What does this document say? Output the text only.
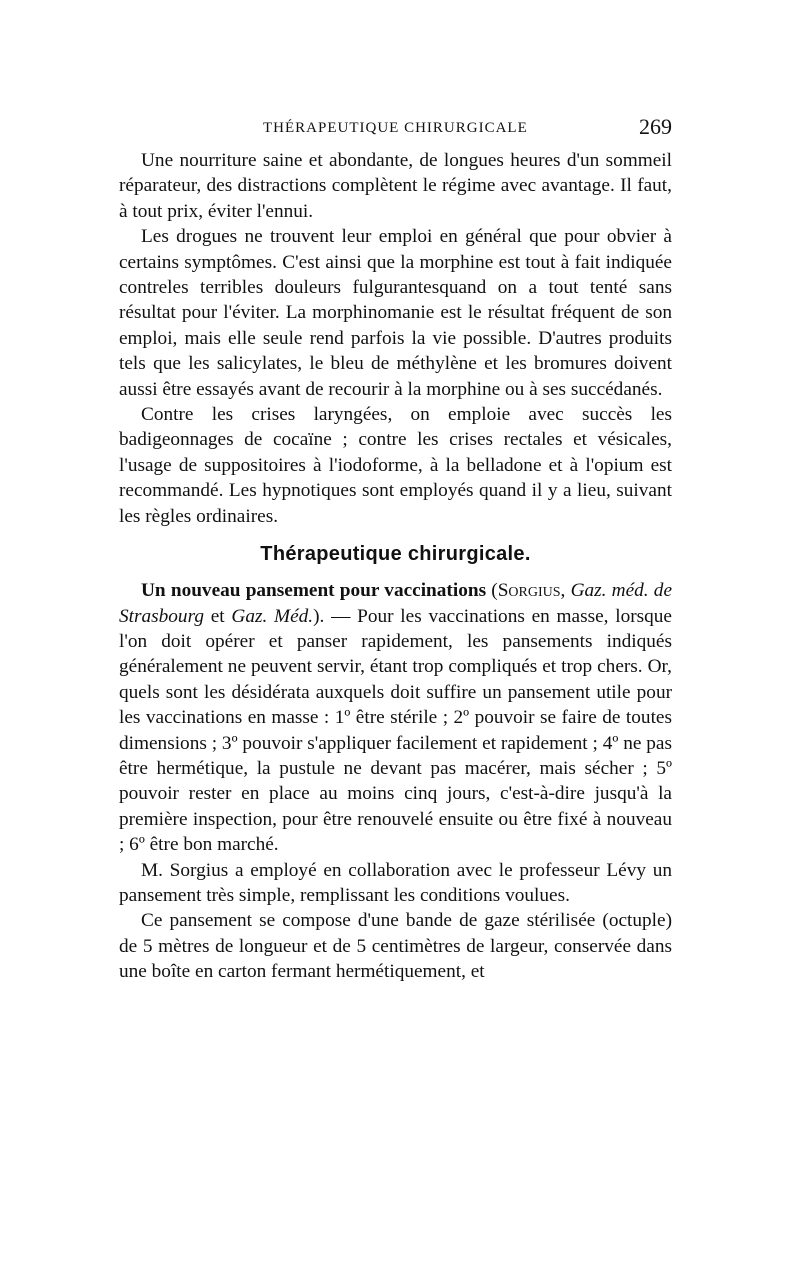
THÉRAPEUTIQUE CHIRURGICALE	269

Une nourriture saine et abondante, de longues heures d'un sommeil réparateur, des distractions complètent le régime avec avantage. Il faut, à tout prix, éviter l'ennui.

Les drogues ne trouvent leur emploi en général que pour obvier à certains symptômes. C'est ainsi que la morphine est tout à fait indiquée contreles terribles douleurs fulgurantesquand on a tout tenté sans résultat pour l'éviter. La morphinomanie est le résultat fréquent de son emploi, mais elle seule rend parfois la vie possible. D'autres produits tels que les salicylates, le bleu de méthylène et les bromures doivent aussi être essayés avant de recourir à la morphine ou à ses succédanés.

Contre les crises laryngées, on emploie avec succès les badigeonnages de cocaïne ; contre les crises rectales et vésicales, l'usage de suppositoires à l'iodoforme, à la belladone et à l'opium est recommandé. Les hypnotiques sont employés quand il y a lieu, suivant les règles ordinaires.

Thérapeutique chirurgicale.

Un nouveau pansement pour vaccinations (Sorgius, Gaz. méd. de Strasbourg et Gaz. Méd.). — Pour les vaccinations en masse, lorsque l'on doit opérer et panser rapidement, les pansements indiqués généralement ne peuvent servir, étant trop compliqués et trop chers. Or, quels sont les désidérata auxquels doit suffire un pansement utile pour les vaccinations en masse : 1º être stérile ; 2º pouvoir se faire de toutes dimensions ; 3º pouvoir s'appliquer facilement et rapidement ; 4º ne pas être hermétique, la pustule ne devant pas macérer, mais sécher ; 5º pouvoir rester en place au moins cinq jours, c'est-à-dire jusqu'à la première inspection, pour être renouvelé ensuite ou être fixé à nouveau ; 6º être bon marché.

M. Sorgius a employé en collaboration avec le professeur Lévy un pansement très simple, remplissant les conditions voulues.

Ce pansement se compose d'une bande de gaze stérilisée (octuple) de 5 mètres de longueur et de 5 centimètres de largeur, conservée dans une boîte en carton fermant hermétiquement, et
